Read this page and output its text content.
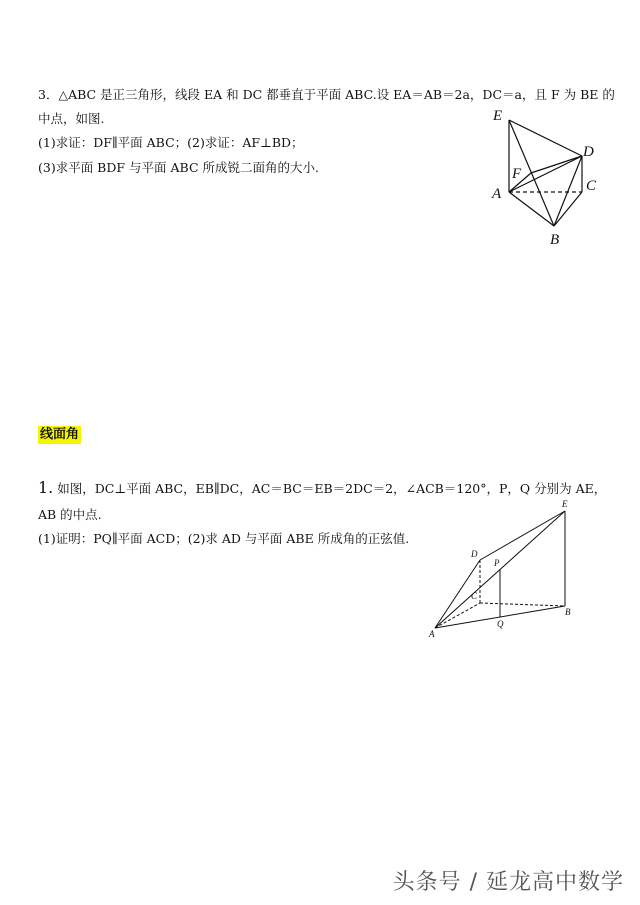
3．△ABC 是正三角形，线段 EA 和 DC 都垂直于平面 ABC.设 EA＝AB＝2a，DC＝a，且 F 为 BE 的
中点，如图.
(1)求证：DF∥平面 ABC；(2)求证：AF⊥BD；
(3)求平面 BDF 与平面 ABC 所成锐二面角的大小.
E
D
F
A	C
B
线面角
1. 如图，DC⊥平面 ABC，EB∥DC，AC＝BC＝EB＝2DC＝2，∠ACB＝120°，P，Q 分别为 AE，
AB 的中点.
(1)证明：PQ∥平面 ACD；(2)求 AD 与平面 ABE 所成角的正弦值.
E
D
P
C
B
A
Q
头条号 / 延龙高中数学
